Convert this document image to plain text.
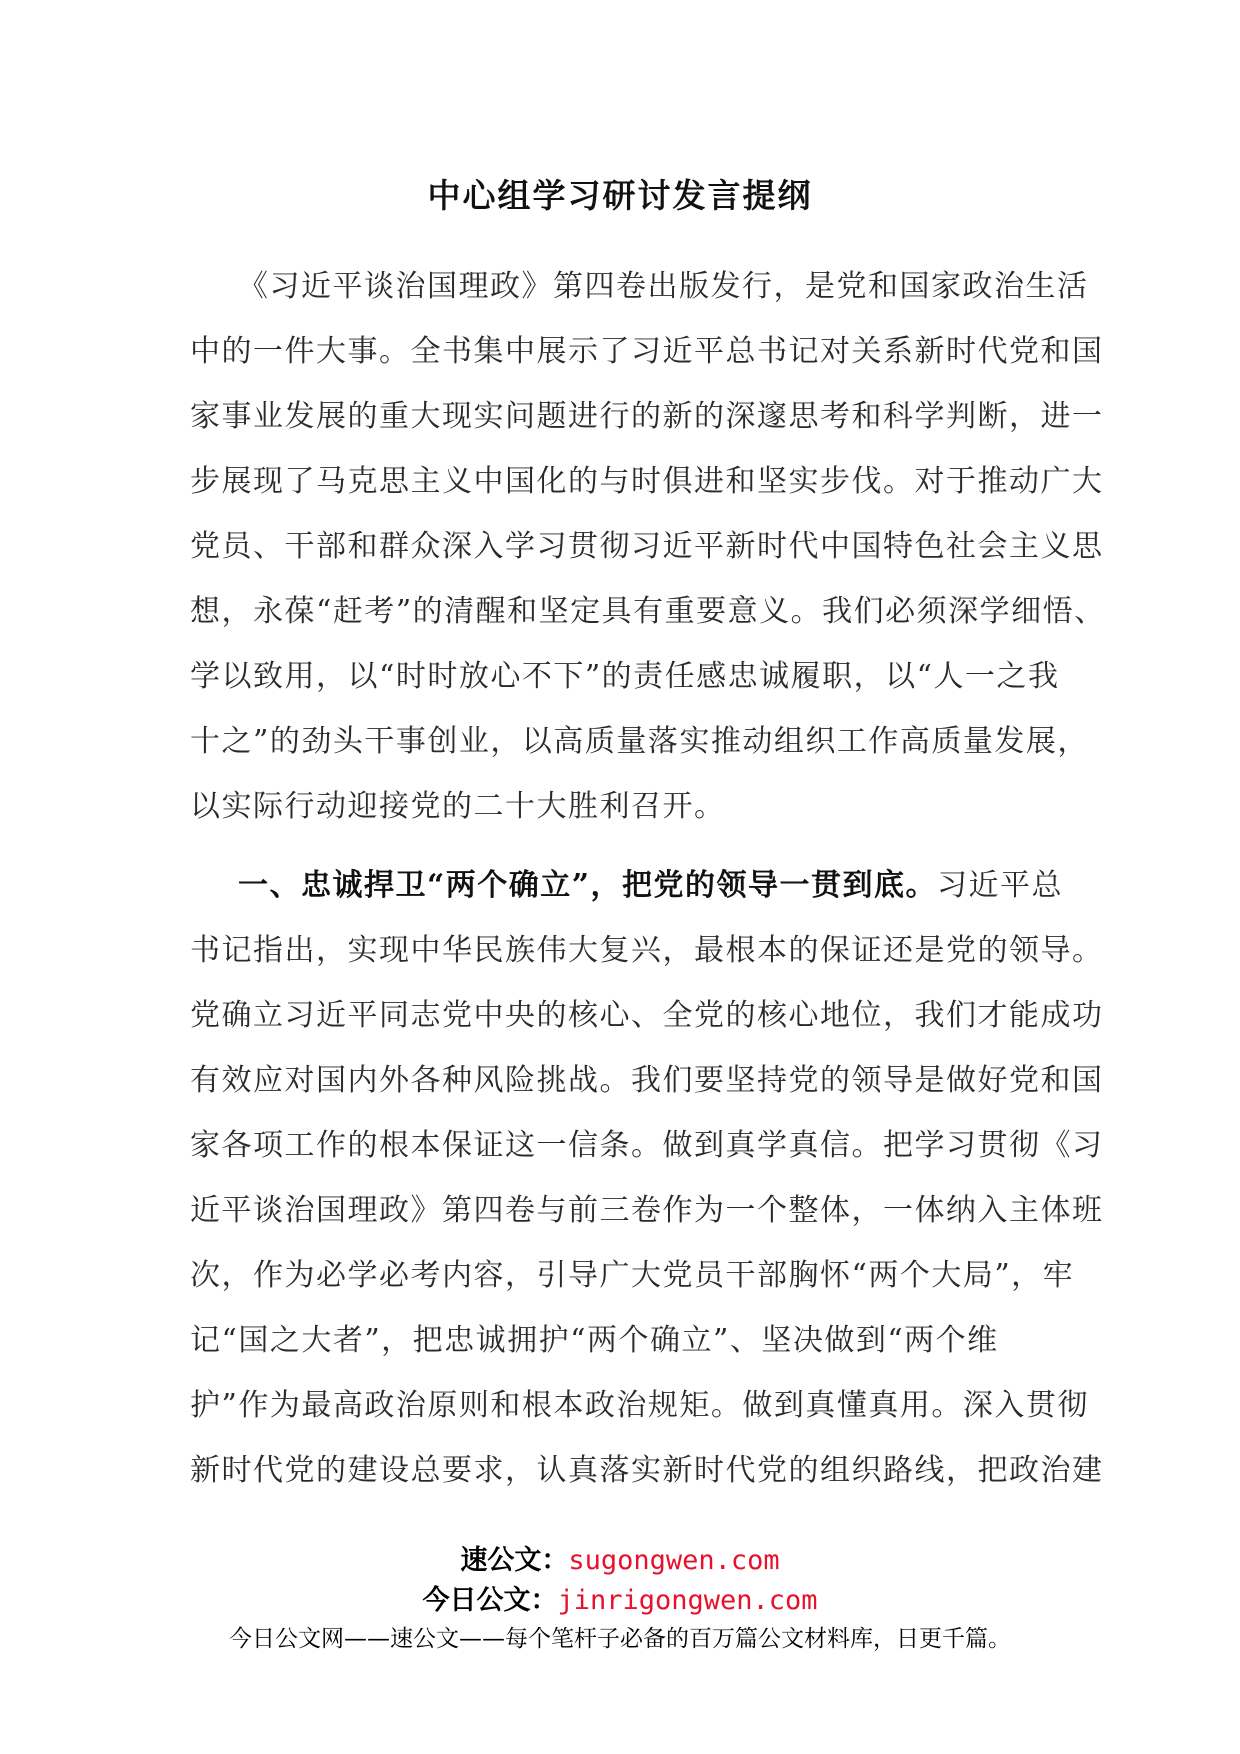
中心组学习研讨发言提纲
《习近平谈治国理政》第四卷出版发行，是党和国家政治生活
中的一件大事。全书集中展示了习近平总书记对关系新时代党和国
家事业发展的重大现实问题进行的新的深邃思考和科学判断，进一
步展现了马克思主义中国化的与时俱进和坚实步伐。对于推动广大
党员、干部和群众深入学习贯彻习近平新时代中国特色社会主义思
想，永葆“赶考”的清醒和坚定具有重要意义。我们必须深学细悟、
学以致用，以“时时放心不下”的责任感忠诚履职，以“人一之我
十之”的劲头干事创业，以高质量落实推动组织工作高质量发展，
以实际行动迎接党的二十大胜利召开。
一、忠诚捍卫“两个确立”，把党的领导一贯到底。习近平总
书记指出，实现中华民族伟大复兴，最根本的保证还是党的领导。
党确立习近平同志党中央的核心、全党的核心地位，我们才能成功
有效应对国内外各种风险挑战。我们要坚持党的领导是做好党和国
家各项工作的根本保证这一信条。做到真学真信。把学习贯彻《习
近平谈治国理政》第四卷与前三卷作为一个整体，一体纳入主体班
次，作为必学必考内容，引导广大党员干部胸怀“两个大局”，牢
记“国之大者”，把忠诚拥护“两个确立”、坚决做到“两个维
护”作为最高政治原则和根本政治规矩。做到真懂真用。深入贯彻
新时代党的建设总要求，认真落实新时代党的组织路线，把政治建
速公文：sugongwen.com
今日公文：jinrigongwen.com
今日公文网——速公文——每个笔杆子必备的百万篇公文材料库，日更千篇。
